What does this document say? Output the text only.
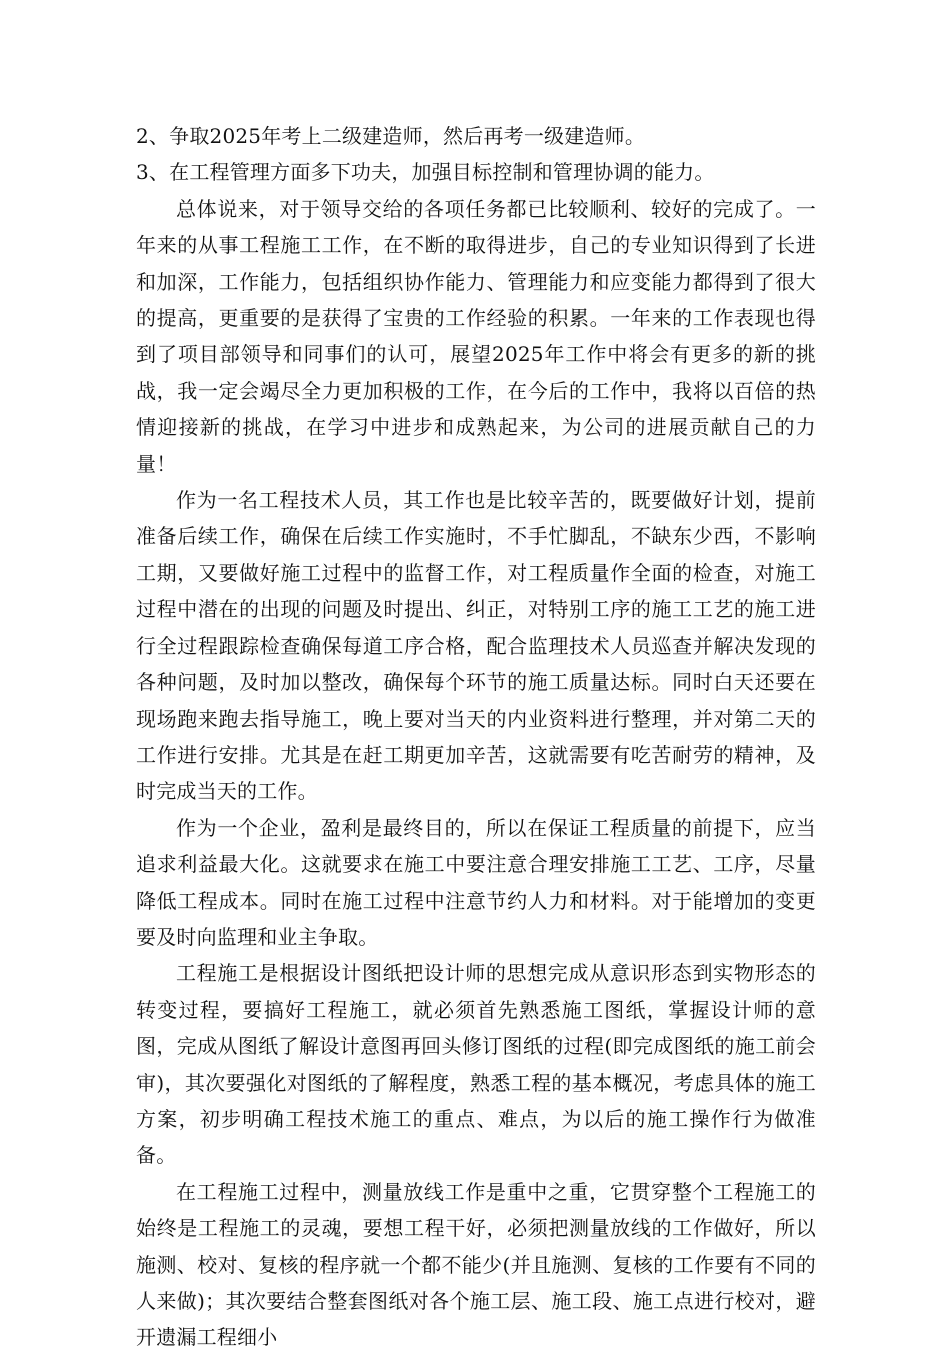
2、争取2025年考上二级建造师，然后再考一级建造师。

3、在工程管理方面多下功夫，加强目标控制和管理协调的能力。

总体说来，对于领导交给的各项任务都已比较顺利、较好的完成了。一年来的从事工程施工工作，在不断的取得进步，自己的专业知识得到了长进和加深，工作能力，包括组织协作能力、管理能力和应变能力都得到了很大的提高，更重要的是获得了宝贵的工作经验的积累。一年来的工作表现也得到了项目部领导和同事们的认可，展望2025年工作中将会有更多的新的挑战，我一定会竭尽全力更加积极的工作，在今后的工作中，我将以百倍的热情迎接新的挑战，在学习中进步和成熟起来，为公司的进展贡献自己的力量！

作为一名工程技术人员，其工作也是比较辛苦的，既要做好计划，提前准备后续工作，确保在后续工作实施时，不手忙脚乱，不缺东少西，不影响工期，又要做好施工过程中的监督工作，对工程质量作全面的检查，对施工过程中潜在的出现的问题及时提出、纠正，对特别工序的施工工艺的施工进行全过程跟踪检查确保每道工序合格，配合监理技术人员巡查并解决发现的各种问题，及时加以整改，确保每个环节的施工质量达标。同时白天还要在现场跑来跑去指导施工，晚上要对当天的内业资料进行整理，并对第二天的工作进行安排。尤其是在赶工期更加辛苦，这就需要有吃苦耐劳的精神，及时完成当天的工作。

作为一个企业，盈利是最终目的，所以在保证工程质量的前提下，应当追求利益最大化。这就要求在施工中要注意合理安排施工工艺、工序，尽量降低工程成本。同时在施工过程中注意节约人力和材料。对于能增加的变更要及时向监理和业主争取。

工程施工是根据设计图纸把设计师的思想完成从意识形态到实物形态的转变过程，要搞好工程施工，就必须首先熟悉施工图纸，掌握设计师的意图，完成从图纸了解设计意图再回头修订图纸的过程(即完成图纸的施工前会审)，其次要强化对图纸的了解程度，熟悉工程的基本概况，考虑具体的施工方案，初步明确工程技术施工的重点、难点，为以后的施工操作行为做准备。

在工程施工过程中，测量放线工作是重中之重，它贯穿整个工程施工的始终是工程施工的灵魂，要想工程干好，必须把测量放线的工作做好，所以施测、校对、复核的程序就一个都不能少(并且施测、复核的工作要有不同的人来做)；其次要结合整套图纸对各个施工层、施工段、施工点进行校对，避开遗漏工程细小
